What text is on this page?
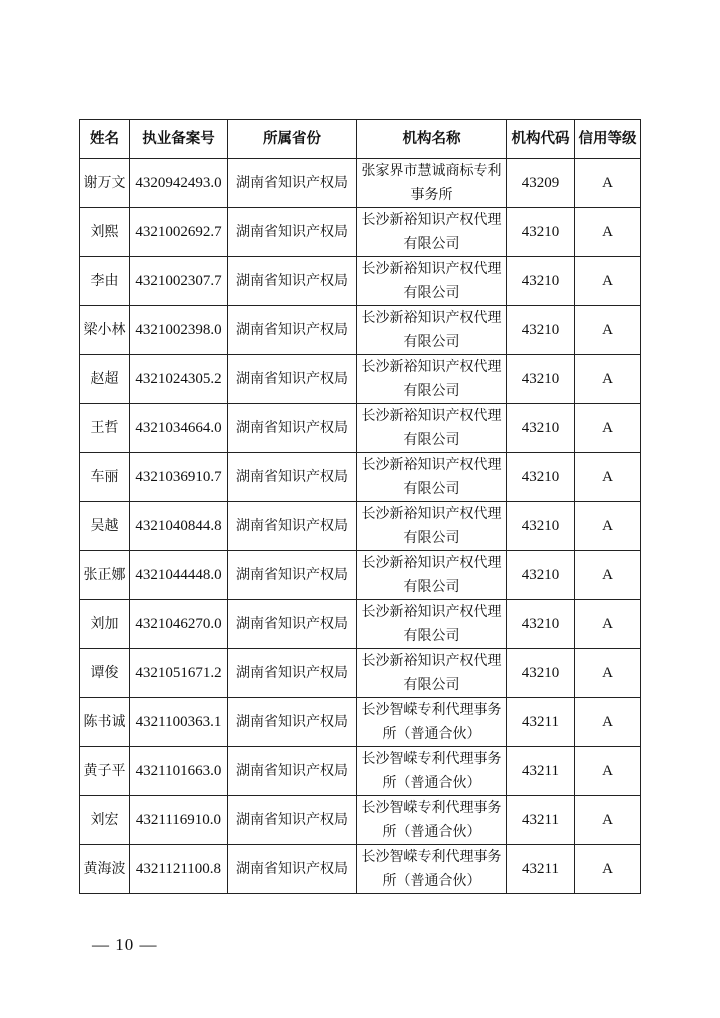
姓名	执业备案号	所属省份	机构名称	机构代码	信用等级
谢万文	4320942493.0	湖南省知识产权局	张家界市慧诚商标专利
事务所	43209	A
刘熙	4321002692.7	湖南省知识产权局	长沙新裕知识产权代理
有限公司	43210	A
李由	4321002307.7	湖南省知识产权局	长沙新裕知识产权代理
有限公司	43210	A
梁小林	4321002398.0	湖南省知识产权局	长沙新裕知识产权代理
有限公司	43210	A
赵超	4321024305.2	湖南省知识产权局	长沙新裕知识产权代理
有限公司	43210	A
王哲	4321034664.0	湖南省知识产权局	长沙新裕知识产权代理
有限公司	43210	A
车丽	4321036910.7	湖南省知识产权局	长沙新裕知识产权代理
有限公司	43210	A
吴越	4321040844.8	湖南省知识产权局	长沙新裕知识产权代理
有限公司	43210	A
张正娜	4321044448.0	湖南省知识产权局	长沙新裕知识产权代理
有限公司	43210	A
刘加	4321046270.0	湖南省知识产权局	长沙新裕知识产权代理
有限公司	43210	A
谭俊	4321051671.2	湖南省知识产权局	长沙新裕知识产权代理
有限公司	43210	A
陈书诚	4321100363.1	湖南省知识产权局	长沙智嵘专利代理事务
所（普通合伙）	43211	A
黄子平	4321101663.0	湖南省知识产权局	长沙智嵘专利代理事务
所（普通合伙）	43211	A
刘宏	4321116910.0	湖南省知识产权局	长沙智嵘专利代理事务
所（普通合伙）	43211	A
黄海波	4321121100.8	湖南省知识产权局	长沙智嵘专利代理事务
所（普通合伙）	43211	A
— 10 —
